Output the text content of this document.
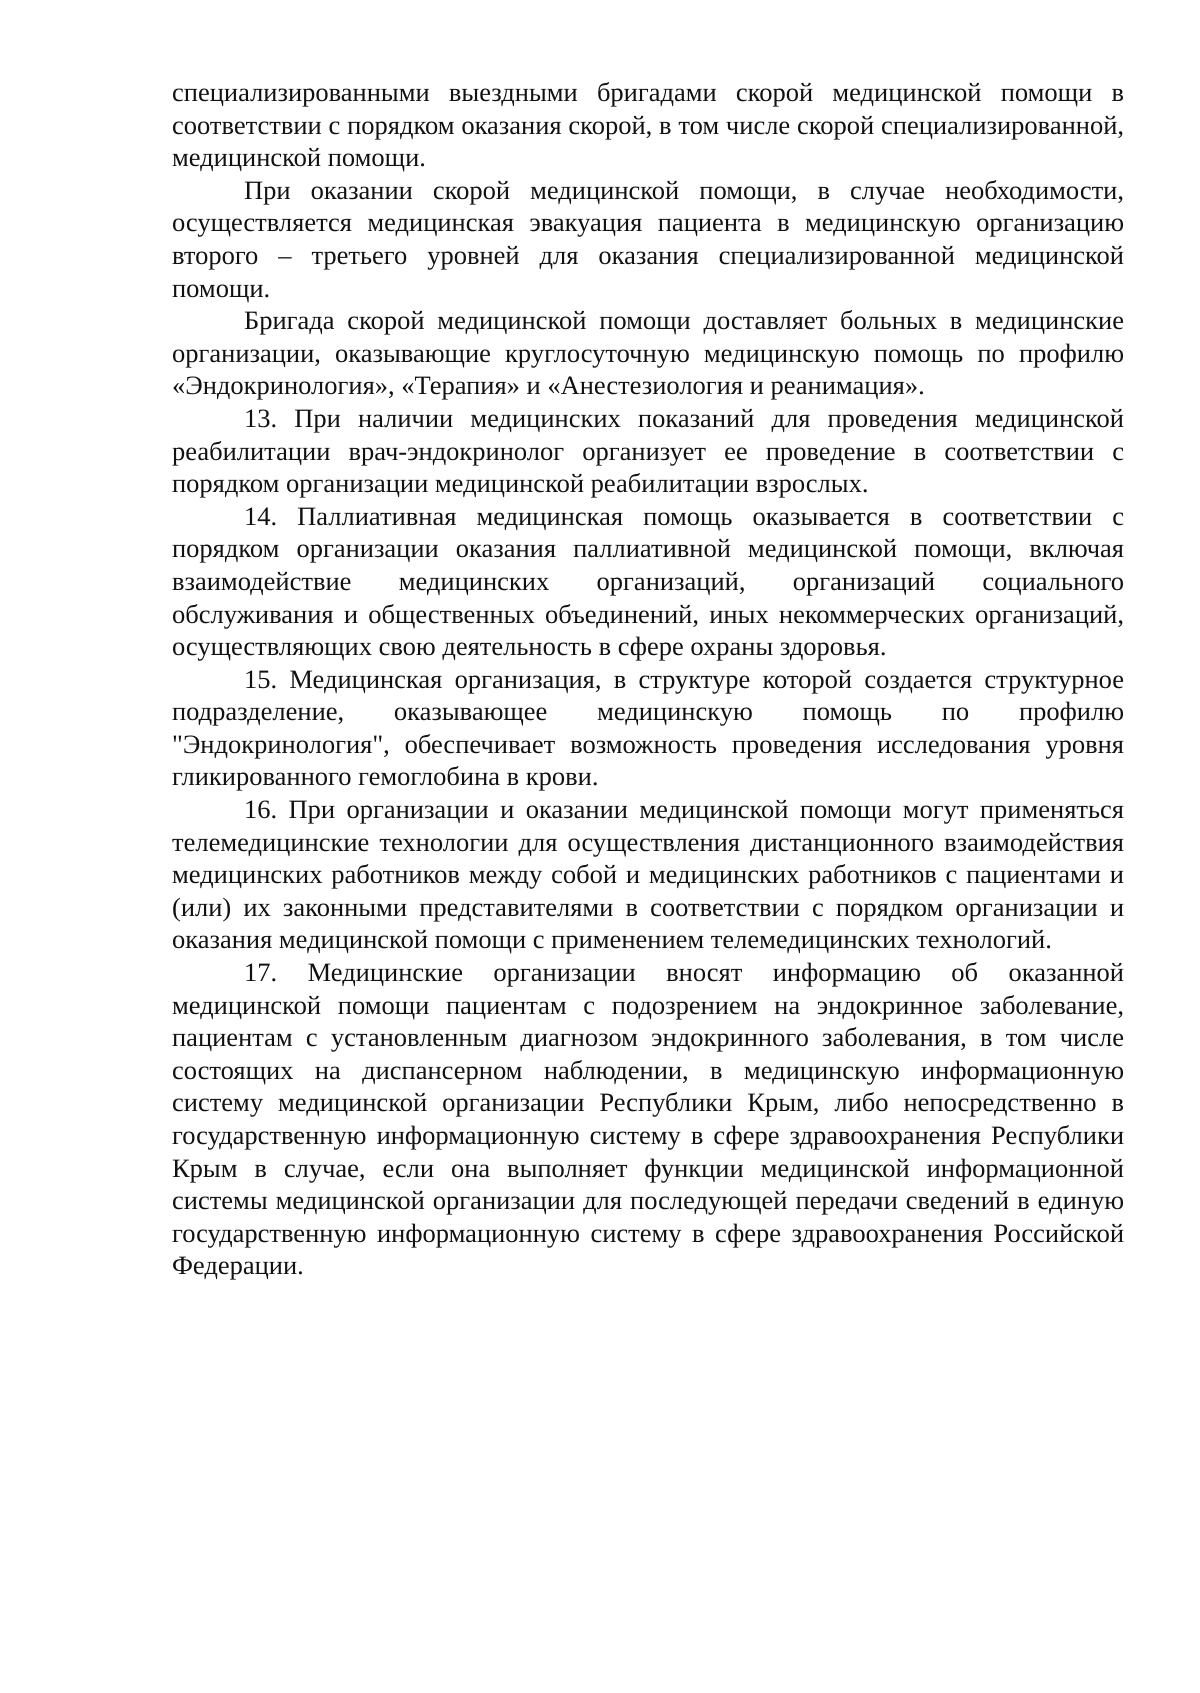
специализированными выездными бригадами скорой медицинской помощи в соответствии с порядком оказания скорой, в том числе скорой специализированной, медицинской помощи.

При оказании скорой медицинской помощи, в случае необходимости, осуществляется медицинская эвакуация пациента в медицинскую организацию второго – третьего уровней для оказания специализированной медицинской помощи.

Бригада скорой медицинской помощи доставляет больных в медицинские организации, оказывающие круглосуточную медицинскую помощь по профилю «Эндокринология», «Терапия» и «Анестезиология и реанимация».

13. При наличии медицинских показаний для проведения медицинской реабилитации врач-эндокринолог организует ее проведение в соответствии с порядком организации медицинской реабилитации взрослых.

14. Паллиативная медицинская помощь оказывается в соответствии с порядком организации оказания паллиативной медицинской помощи, включая взаимодействие медицинских организаций, организаций социального обслуживания и общественных объединений, иных некоммерческих организаций, осуществляющих свою деятельность в сфере охраны здоровья.

15. Медицинская организация, в структуре которой создается структурное подразделение, оказывающее медицинскую помощь по профилю "Эндокринология", обеспечивает возможность проведения исследования уровня гликированного гемоглобина в крови.

16. При организации и оказании медицинской помощи могут применяться телемедицинские технологии для осуществления дистанционного взаимодействия медицинских работников между собой и медицинских работников с пациентами и (или) их законными представителями в соответствии с порядком организации и оказания медицинской помощи с применением телемедицинских технологий.

17. Медицинские организации вносят информацию об оказанной медицинской помощи пациентам с подозрением на эндокринное заболевание, пациентам с установленным диагнозом эндокринного заболевания, в том числе состоящих на диспансерном наблюдении, в медицинскую информационную систему медицинской организации Республики Крым, либо непосредственно в государственную информационную систему в сфере здравоохранения Республики Крым в случае, если она выполняет функции медицинской информационной системы медицинской организации для последующей передачи сведений в единую государственную информационную систему в сфере здравоохранения Российской Федерации.
